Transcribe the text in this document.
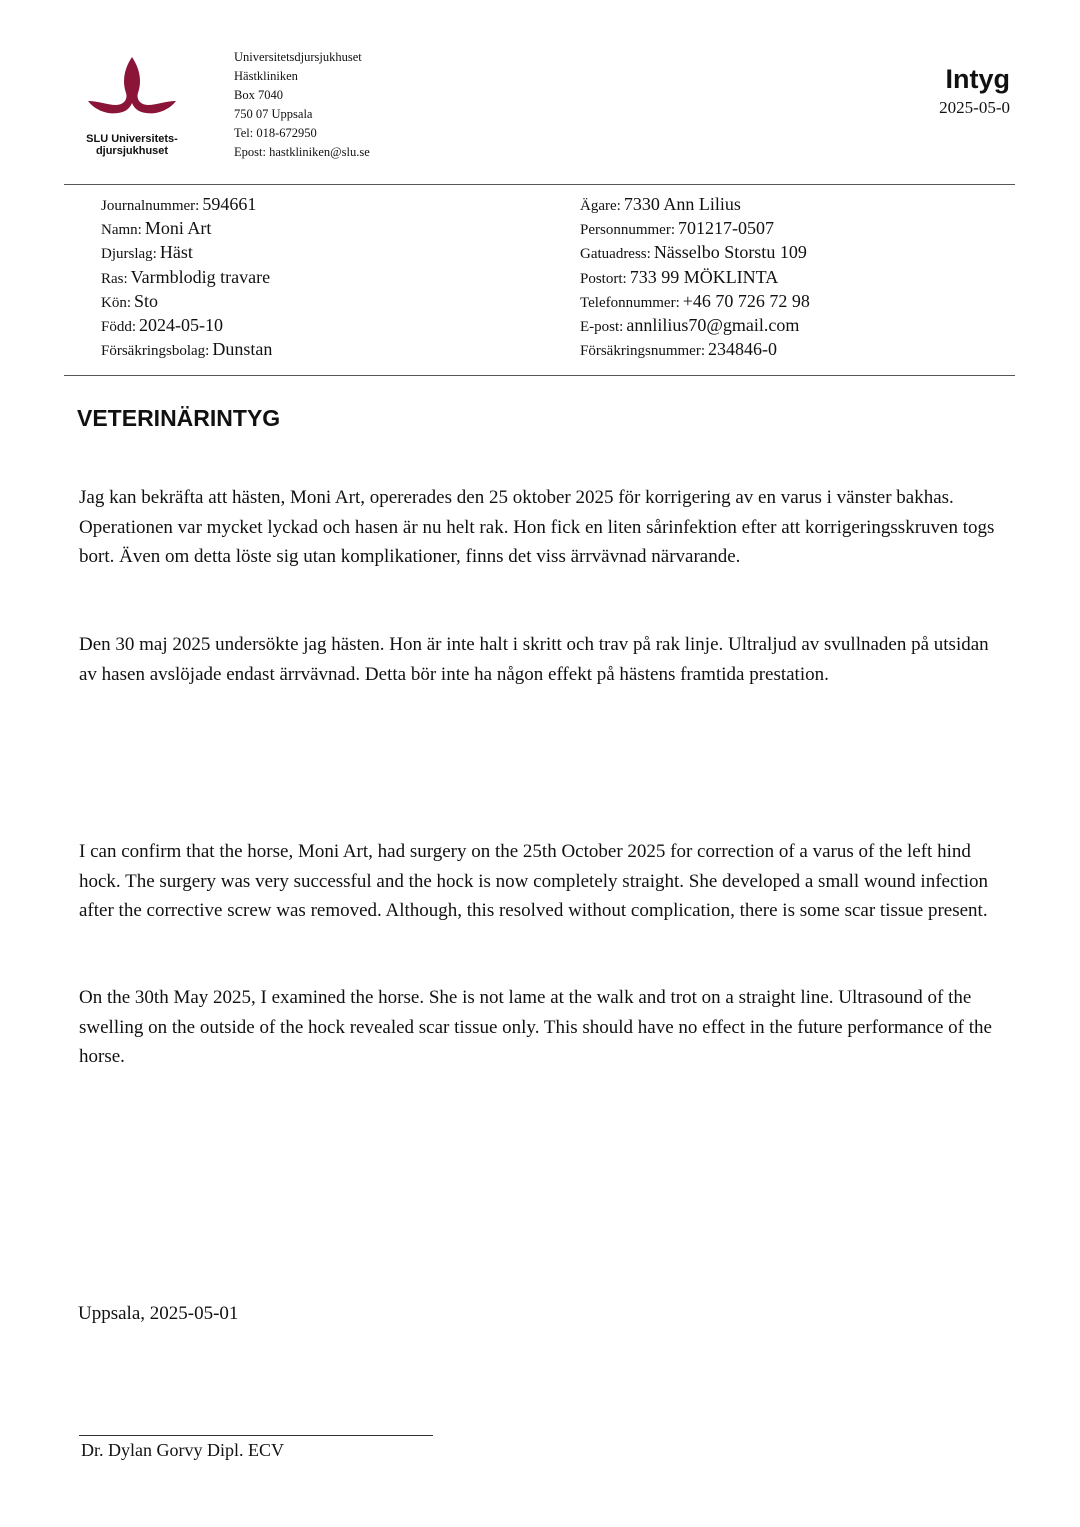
SLU Universitets-
djursjukhuset
Universitetsdjursjukhuset
Hästkliniken
Box 7040
750 07 Uppsala
Tel: 018-672950
Epost: hastkliniken@slu.se
Intyg
2025-05-0
Journalnummer: 594661
Namn: Moni Art
Djurslag: Häst
Ras: Varmblodig travare
Kön: Sto
Född: 2024-05-10
Försäkringsbolag: Dunstan
Ägare: 7330 Ann Lilius
Personnummer: 701217-0507
Gatuadress: Nässelbo Storstu 109
Postort: 733 99 MÖKLINTA
Telefonnummer: +46 70 726 72 98
E-post: annlilius70@gmail.com
Försäkringsnummer: 234846-0
VETERINÄRINTYG
Jag kan bekräfta att hästen, Moni Art, opererades den 25 oktober 2025 för korrigering av en varus i vänster bakhas. Operationen var mycket lyckad och hasen är nu helt rak. Hon fick en liten sårinfektion efter att korrigeringsskruven togs bort. Även om detta löste sig utan komplikationer, finns det viss ärrvävnad närvarande.
Den 30 maj 2025 undersökte jag hästen. Hon är inte halt i skritt och trav på rak linje. Ultraljud av svullnaden på utsidan av hasen avslöjade endast ärrvävnad. Detta bör inte ha någon effekt på hästens framtida prestation.
I can confirm that the horse, Moni Art, had surgery on the 25th October 2025 for correction of a varus of the left hind hock. The surgery was very successful and the hock is now completely straight. She developed a small wound infection after the corrective screw was removed. Although, this resolved without complication, there is some scar tissue present.
On the 30th May 2025, I examined the horse. She is not lame at the walk and trot on a straight line. Ultrasound of the swelling on the outside of the hock revealed scar tissue only. This should have no effect in the future performance of the horse.
Uppsala, 2025-05-01
Dr. Dylan Gorvy Dipl. ECV
